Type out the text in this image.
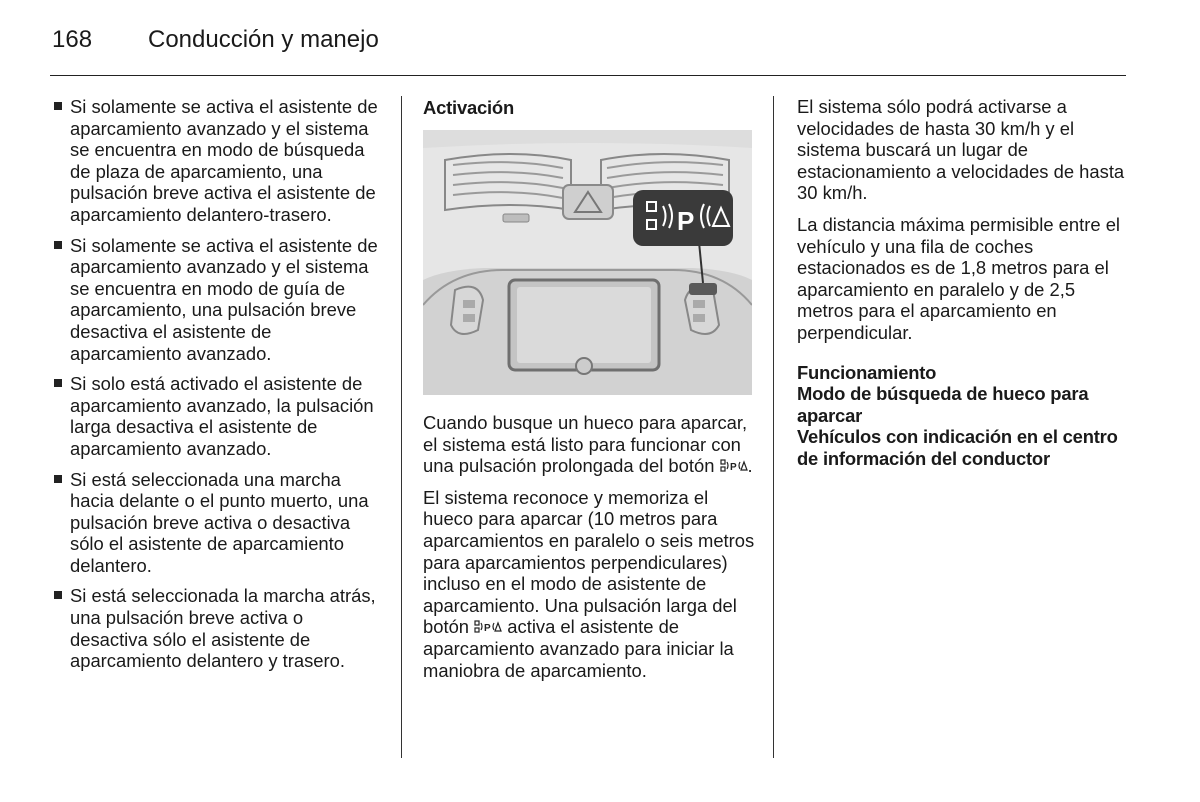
168	Conducción y manejo
Si solamente se activa el asistente de aparcamiento avanzado y el sistema se encuentra en modo de búsqueda de plaza de aparcamiento, una pulsación breve activa el asistente de aparcamiento delantero-trasero.
Si solamente se activa el asistente de aparcamiento avanzado y el sistema se encuentra en modo de guía de aparcamiento, una pulsación breve desactiva el asistente de aparcamiento avanzado.
Si solo está activado el asistente de aparcamiento avanzado, la pulsación larga desactiva el asistente de aparcamiento avanzado.
Si está seleccionada una marcha hacia delante o el punto muerto, una pulsación breve activa o desactiva sólo el asistente de aparcamiento delantero.
Si está seleccionada la marcha atrás, una pulsación breve activa o desactiva sólo el asistente de aparcamiento delantero y trasero.
Activación
P

Cuando busque un hueco para aparcar, el sistema está listo para funcionar con una pulsación prolongada del botón P .

El sistema reconoce y memoriza el hueco para aparcar (10 metros para aparcamientos en paralelo o seis metros para aparcamientos perpendiculares) incluso en el modo de asistente de aparcamiento. Una pulsación larga del botón P activa el asistente de aparcamiento avanzado para iniciar la maniobra de aparcamiento.

El sistema sólo podrá activarse a velocidades de hasta 30 km/h y el sistema buscará un lugar de estacionamiento a velocidades de hasta 30 km/h.

La distancia máxima permisible entre el vehículo y una fila de coches estacionados es de 1,8 metros para el aparcamiento en paralelo y de 2,5 metros para el aparcamiento en perpendicular.

Funcionamiento
Modo de búsqueda de hueco para aparcar
Vehículos con indicación en el centro de información del conductor
